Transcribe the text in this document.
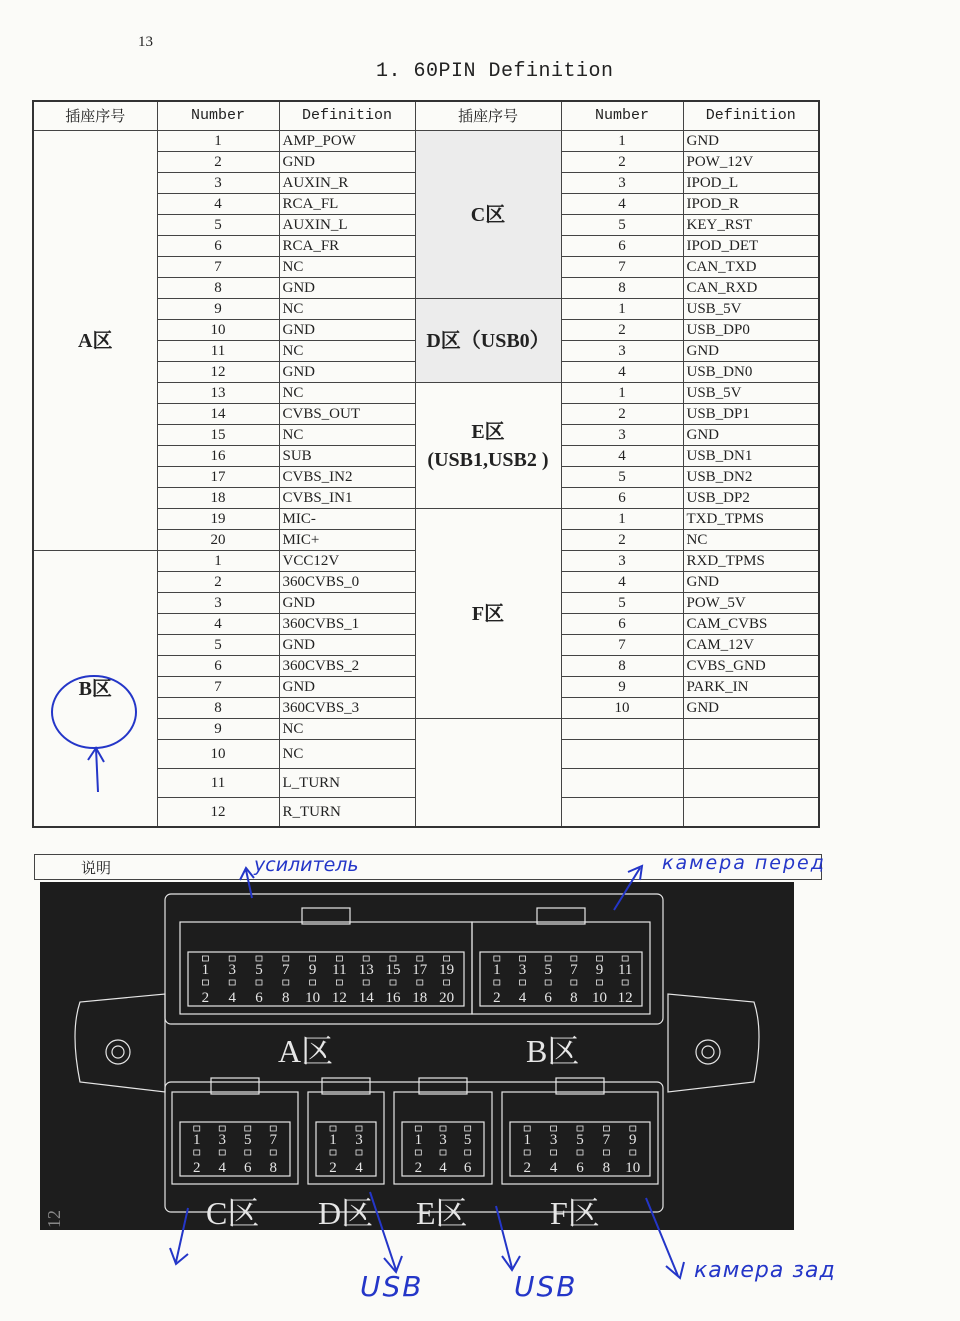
13
1. 60PIN Definition
插座序号	Number	Definition	插座序号	Number	Definition
A区	1	AMP_POW	C区	1	GND
	2	GND		2	POW_12V
	3	AUXIN_R		3	IPOD_L
	4	RCA_FL		4	IPOD_R
	5	AUXIN_L		5	KEY_RST
	6	RCA_FR		6	IPOD_DET
	7	NC		7	CAN_TXD
	8	GND		8	CAN_RXD
	9	NC	D区（USB0）	1	USB_5V
	10	GND		2	USB_DP0
	11	NC		3	GND
	12	GND		4	USB_DN0
	13	NC	E区 (USB1,USB2 )	1	USB_5V
	14	CVBS_OUT		2	USB_DP1
	15	NC		3	GND
	16	SUB		4	USB_DN1
	17	CVBS_IN2		5	USB_DN2
	18	CVBS_IN1		6	USB_DP2
	19	MIC-	F区	1	TXD_TPMS
	20	MIC+		2	NC
B区	1	VCC12V		3	RXD_TPMS
	2	360CVBS_0		4	GND
	3	GND		5	POW_5V
	4	360CVBS_1		6	CAM_CVBS
	5	GND		7	CAM_12V
	6	360CVBS_2		8	CVBS_GND
	7	GND		9	PARK_IN
	8	360CVBS_3		10	GND
	9	NC			
	10	NC			
	11	L_TURN			
	12	R_TURN			
说明
1
2
3
4
5
6
7
8
9
10
11
12
13
14
15
16
17
18
19
20
A区
1
2
3
4
5
6
7
8
9
10
11
12
B区
1
2
3
4
5
6
7
8
C区
1
2
3
4
D区
1
2
3
4
5
6
E区
1
2
3
4
5
6
7
8
9
10
F区
12
усилитель	камера перед
USB	USB	камера зад
